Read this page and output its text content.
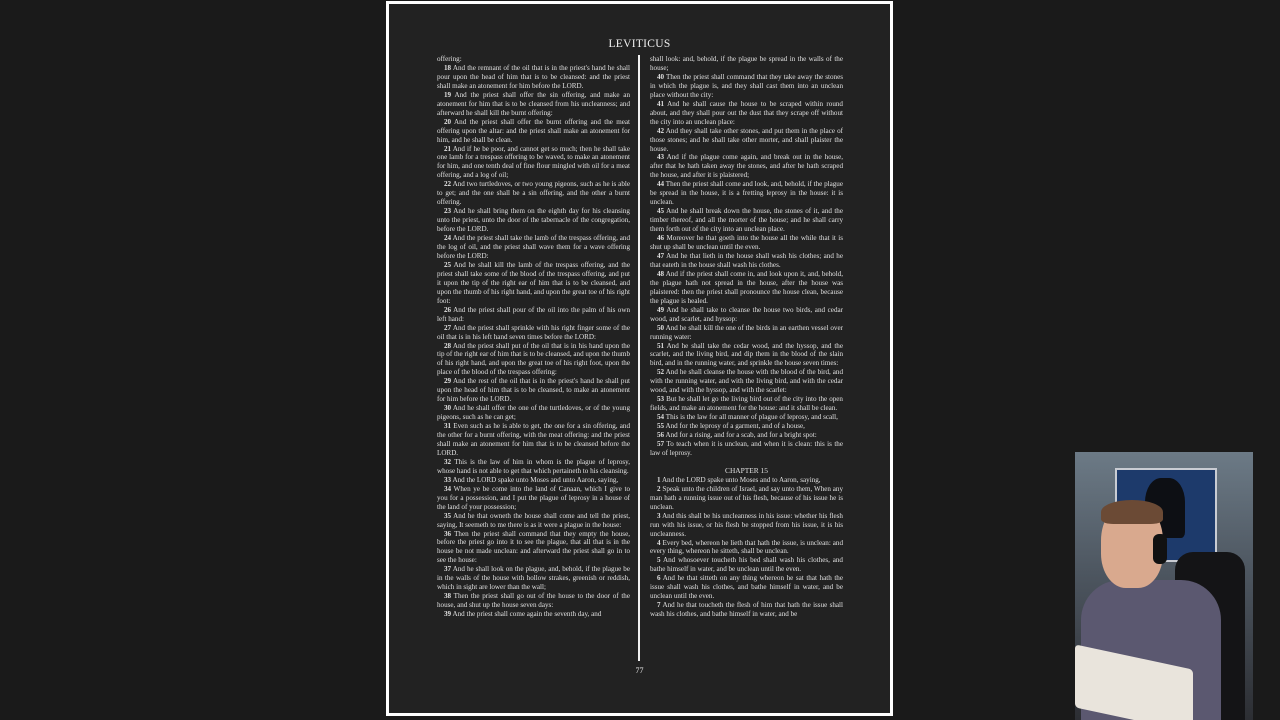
LEVITICUS

offering:

18 And the remnant of the oil that is in the priest's hand he shall pour upon the head of him that is to be cleansed: and the priest shall make an atonement for him before the LORD.

19 And the priest shall offer the sin offering, and make an atonement for him that is to be cleansed from his uncleanness; and afterward he shall kill the burnt offering:

20 And the priest shall offer the burnt offering and the meat offering upon the altar: and the priest shall make an atonement for him, and he shall be clean.

21 And if he be poor, and cannot get so much; then he shall take one lamb for a trespass offering to be waved, to make an atonement for him, and one tenth deal of fine flour mingled with oil for a meat offering, and a log of oil;

22 And two turtledoves, or two young pigeons, such as he is able to get; and the one shall be a sin offering, and the other a burnt offering.

23 And he shall bring them on the eighth day for his cleansing unto the priest, unto the door of the tabernacle of the congregation, before the LORD.

24 And the priest shall take the lamb of the trespass offering, and the log of oil, and the priest shall wave them for a wave offering before the LORD:

25 And he shall kill the lamb of the trespass offering, and the priest shall take some of the blood of the trespass offering, and put it upon the tip of the right ear of him that is to be cleansed, and upon the thumb of his right hand, and upon the great toe of his right foot:

26 And the priest shall pour of the oil into the palm of his own left hand:

27 And the priest shall sprinkle with his right finger some of the oil that is in his left hand seven times before the LORD:

28 And the priest shall put of the oil that is in his hand upon the tip of the right ear of him that is to be cleansed, and upon the thumb of his right hand, and upon the great toe of his right foot, upon the place of the blood of the trespass offering:

29 And the rest of the oil that is in the priest's hand he shall put upon the head of him that is to be cleansed, to make an atonement for him before the LORD.

30 And he shall offer the one of the turtledoves, or of the young pigeons, such as he can get;

31 Even such as he is able to get, the one for a sin offering, and the other for a burnt offering, with the meat offering: and the priest shall make an atonement for him that is to be cleansed before the LORD.

32 This is the law of him in whom is the plague of leprosy, whose hand is not able to get that which pertaineth to his cleansing.

33 And the LORD spake unto Moses and unto Aaron, saying,

34 When ye be come into the land of Canaan, which I give to you for a possession, and I put the plague of leprosy in a house of the land of your possession;

35 And he that owneth the house shall come and tell the priest, saying, It seemeth to me there is as it were a plague in the house:

36 Then the priest shall command that they empty the house, before the priest go into it to see the plague, that all that is in the house be not made unclean: and afterward the priest shall go in to see the house:

37 And he shall look on the plague, and, behold, if the plague be in the walls of the house with hollow strakes, greenish or reddish, which in sight are lower than the wall;

38 Then the priest shall go out of the house to the door of the house, and shut up the house seven days:

39 And the priest shall come again the seventh day, and

shall look: and, behold, if the plague be spread in the walls of the house;

40 Then the priest shall command that they take away the stones in which the plague is, and they shall cast them into an unclean place without the city:

41 And he shall cause the house to be scraped within round about, and they shall pour out the dust that they scrape off without the city into an unclean place:

42 And they shall take other stones, and put them in the place of those stones; and he shall take other morter, and shall plaister the house.

43 And if the plague come again, and break out in the house, after that he hath taken away the stones, and after he hath scraped the house, and after it is plaistered;

44 Then the priest shall come and look, and, behold, if the plague be spread in the house, it is a fretting leprosy in the house: it is unclean.

45 And he shall break down the house, the stones of it, and the timber thereof, and all the morter of the house; and he shall carry them forth out of the city into an unclean place.

46 Moreover he that goeth into the house all the while that it is shut up shall be unclean until the even.

47 And he that lieth in the house shall wash his clothes; and he that eateth in the house shall wash his clothes.

48 And if the priest shall come in, and look upon it, and, behold, the plague hath not spread in the house, after the house was plaistered: then the priest shall pronounce the house clean, because the plague is healed.

49 And he shall take to cleanse the house two birds, and cedar wood, and scarlet, and hyssop:

50 And he shall kill the one of the birds in an earthen vessel over running water:

51 And he shall take the cedar wood, and the hyssop, and the scarlet, and the living bird, and dip them in the blood of the slain bird, and in the running water, and sprinkle the house seven times:

52 And he shall cleanse the house with the blood of the bird, and with the running water, and with the living bird, and with the cedar wood, and with the hyssop, and with the scarlet:

53 But he shall let go the living bird out of the city into the open fields, and make an atonement for the house: and it shall be clean.

54 This is the law for all manner of plague of leprosy, and scall,

55 And for the leprosy of a garment, and of a house,

56 And for a rising, and for a scab, and for a bright spot:

57 To teach when it is unclean, and when it is clean: this is the law of leprosy.

CHAPTER 15

1 And the LORD spake unto Moses and to Aaron, saying,

2 Speak unto the children of Israel, and say unto them, When any man hath a running issue out of his flesh, because of his issue he is unclean.

3 And this shall be his uncleanness in his issue: whether his flesh run with his issue, or his flesh be stopped from his issue, it is his uncleanness.

4 Every bed, whereon he lieth that hath the issue, is unclean: and every thing, whereon he sitteth, shall be unclean.

5 And whosoever toucheth his bed shall wash his clothes, and bathe himself in water, and be unclean until the even.

6 And he that sitteth on any thing whereon he sat that hath the issue shall wash his clothes, and bathe himself in water, and be unclean until the even.

7 And he that toucheth the flesh of him that hath the issue shall wash his clothes, and bathe himself in water, and be

77
